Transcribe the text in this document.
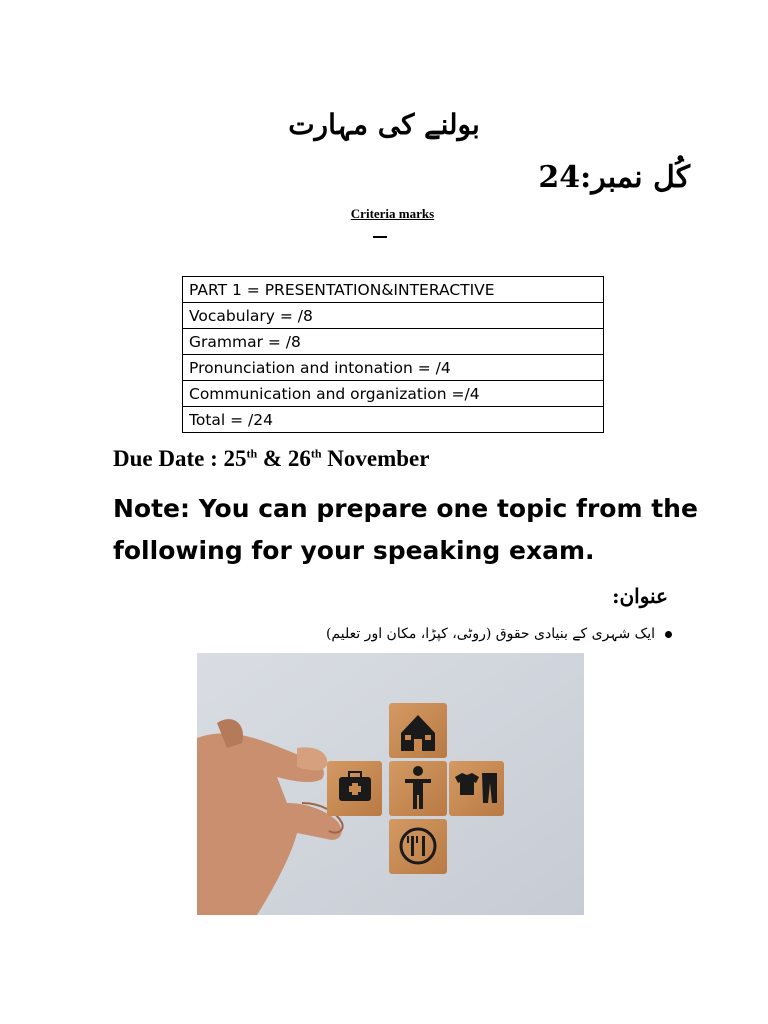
بولنے کی مہارت
کُل نمبر:24
Criteria marks
PART 1 = PRESENTATION&INTERACTIVE
Vocabulary = /8
Grammar = /8
Pronunciation and intonation = /4
Communication and organization =/4
Total = /24
Due Date : 25th & 26th November
Note: You can prepare one topic from the following for your speaking exam.
عنوان:
ایک شہری کے بنیادی حقوق (روٹی، کپڑا، مکان اور تعلیم)
